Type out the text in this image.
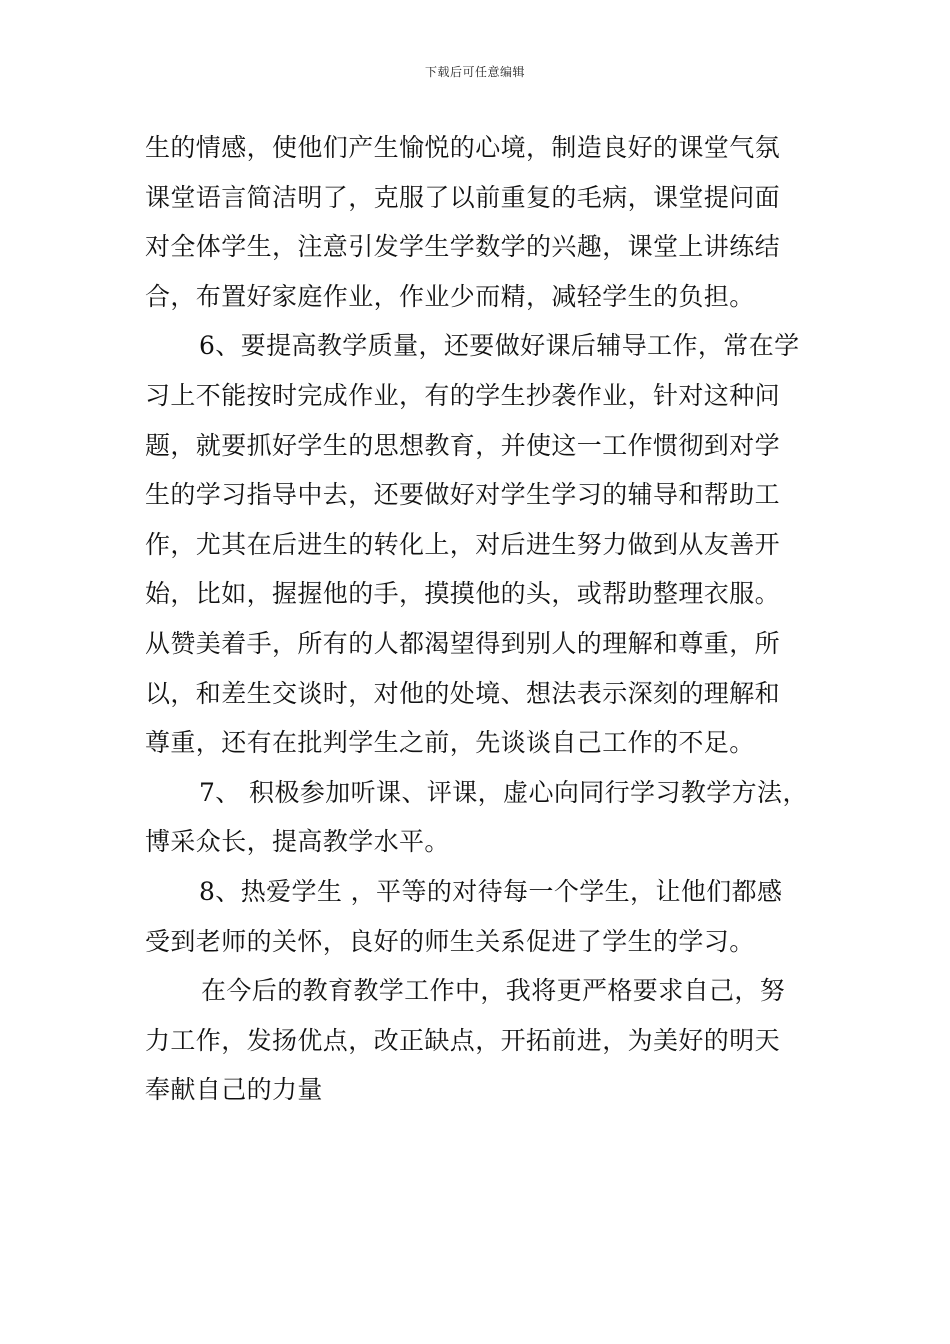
下载后可任意编辑
生的情感，使他们产生愉悦的心境，制造良好的课堂气氛
课堂语言简洁明了，克服了以前重复的毛病，课堂提问面
对全体学生，注意引发学生学数学的兴趣，课堂上讲练结
合，布置好家庭作业，作业少而精，减轻学生的负担。
6、要提高教学质量，还要做好课后辅导工作，常在学
习上不能按时完成作业，有的学生抄袭作业，针对这种问
题，就要抓好学生的思想教育，并使这一工作惯彻到对学
生的学习指导中去，还要做好对学生学习的辅导和帮助工
作，尤其在后进生的转化上，对后进生努力做到从友善开
始，比如，握握他的手，摸摸他的头，或帮助整理衣服。
从赞美着手，所有的人都渴望得到别人的理解和尊重，所
以，和差生交谈时，对他的处境、想法表示深刻的理解和
尊重，还有在批判学生之前，先谈谈自己工作的不足。
7、 积极参加听课、评课，虚心向同行学习教学方法，
博采众长，提高教学水平。
8、热爱学生 ，平等的对待每一个学生，让他们都感
受到老师的关怀，良好的师生关系促进了学生的学习。
在今后的教育教学工作中，我将更严格要求自己，努
力工作，发扬优点，改正缺点，开拓前进，为美好的明天
奉献自己的力量
